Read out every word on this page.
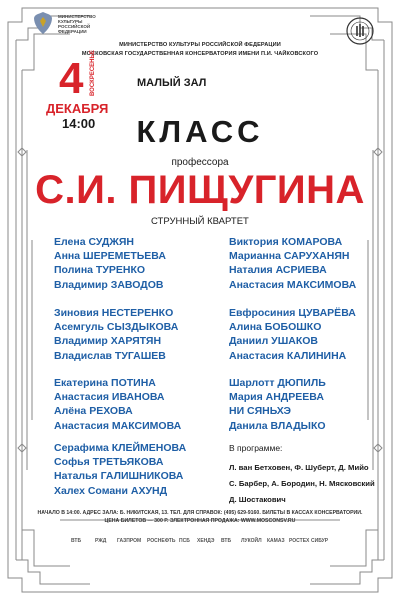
МИНИСТЕРСТВО
КУЛЬТУРЫ
РОССИЙСКОЙ
ФЕДЕРАЦИИ
МИНИСТЕРСТВО КУЛЬТУРЫ РОССИЙСКОЙ ФЕДЕРАЦИИ
МОСКОВСКАЯ ГОСУДАРСТВЕННАЯ КОНСЕРВАТОРИЯ ИМЕНИ П.И. ЧАЙКОВСКОГО
4 ВОСКРЕСЕНЬЕ
ДЕКАБРЯ
14:00
МАЛЫЙ ЗАЛ
КЛАСС
профессора
С.И. ПИЩУГИНА
СТРУННЫЙ КВАРТЕТ
Елена СУДЖЯН
Анна ШЕРЕМЕТЬЕВА
Полина ТУРЕНКО
Владимир ЗАВОДОВ
Зиновия НЕСТЕРЕНКО
Асемгуль СЫЗДЫКОВА
Владимир ХАРЯТЯН
Владислав ТУГАШЕВ
Екатерина ПОТИНА
Анастасия ИВАНОВА
Алёна РЕХОВА
Анастасия МАКСИМОВА
Серафима КЛЕЙМЕНОВА
Софья ТРЕТЬЯКОВА
Наталья ГАЛИШНИКОВА
Халех Сомани АХУНД
Виктория КОМАРОВА
Марианна САРУХАНЯН
Наталия АСРИЕВА
Анастасия МАКСИМОВА
Евфросиния ЦУВАРЁВА
Алина БОБОШКО
Даниил УШАКОВ
Анастасия КАЛИНИНА
Шарлотт ДЮПИЛЬ
Мария АНДРЕЕВА
НИ СЯНЬХЭ
Данила ВЛАДЫКО
В программе:
Л. ван Бетховен, Ф. Шуберт, Д. Мийо
С. Барбер, А. Бородин, Н. Мясковский
Д. Шостакович
НАЧАЛО В 14:00. АДРЕС ЗАЛА: Б. НИКИТСКАЯ, 13. ТЕЛ. ДЛЯ СПРАВОК: (495) 629-9160. БИЛЕТЫ В КАССАХ КОНСЕРВАТОРИИ.
ЦЕНА БИЛЕТОВ — 300 Р. ЭЛЕКТРОННАЯ ПРОДАЖА: WWW.MOSCONSV.RU
ВТБ	РЖД ГАЗПРОМ РОСНЕФТЬ ПСБ ХЕНДЭ ВТБ ЛУКОЙЛ КАМАЗ РОСТЕХ СИБУР
